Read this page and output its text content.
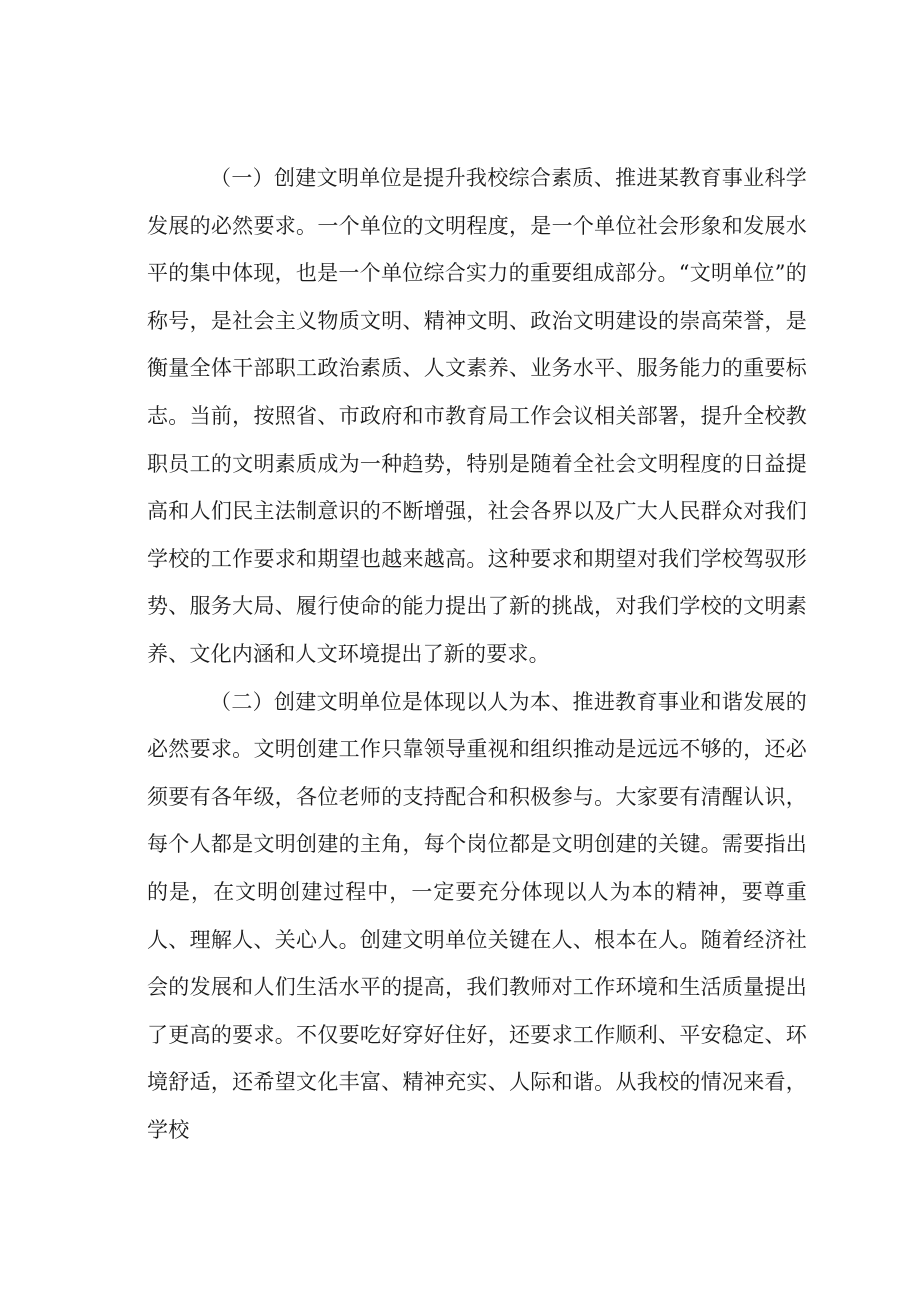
（一）创建文明单位是提升我校综合素质、推进某教育事业科学发展的必然要求。一个单位的文明程度，是一个单位社会形象和发展水平的集中体现，也是一个单位综合实力的重要组成部分。“文明单位”的称号，是社会主义物质文明、精神文明、政治文明建设的崇高荣誉，是衡量全体干部职工政治素质、人文素养、业务水平、服务能力的重要标志。当前，按照省、市政府和市教育局工作会议相关部署，提升全校教职员工的文明素质成为一种趋势，特别是随着全社会文明程度的日益提高和人们民主法制意识的不断增强，社会各界以及广大人民群众对我们学校的工作要求和期望也越来越高。这种要求和期望对我们学校驾驭形势、服务大局、履行使命的能力提出了新的挑战，对我们学校的文明素养、文化内涵和人文环境提出了新的要求。

（二）创建文明单位是体现以人为本、推进教育事业和谐发展的必然要求。文明创建工作只靠领导重视和组织推动是远远不够的，还必须要有各年级，各位老师的支持配合和积极参与。大家要有清醒认识，每个人都是文明创建的主角，每个岗位都是文明创建的关键。需要指出的是，在文明创建过程中，一定要充分体现以人为本的精神，要尊重人、理解人、关心人。创建文明单位关键在人、根本在人。随着经济社会的发展和人们生活水平的提高，我们教师对工作环境和生活质量提出了更高的要求。不仅要吃好穿好住好，还要求工作顺利、平安稳定、环境舒适，还希望文化丰富、精神充实、人际和谐。从我校的情况来看，学校
